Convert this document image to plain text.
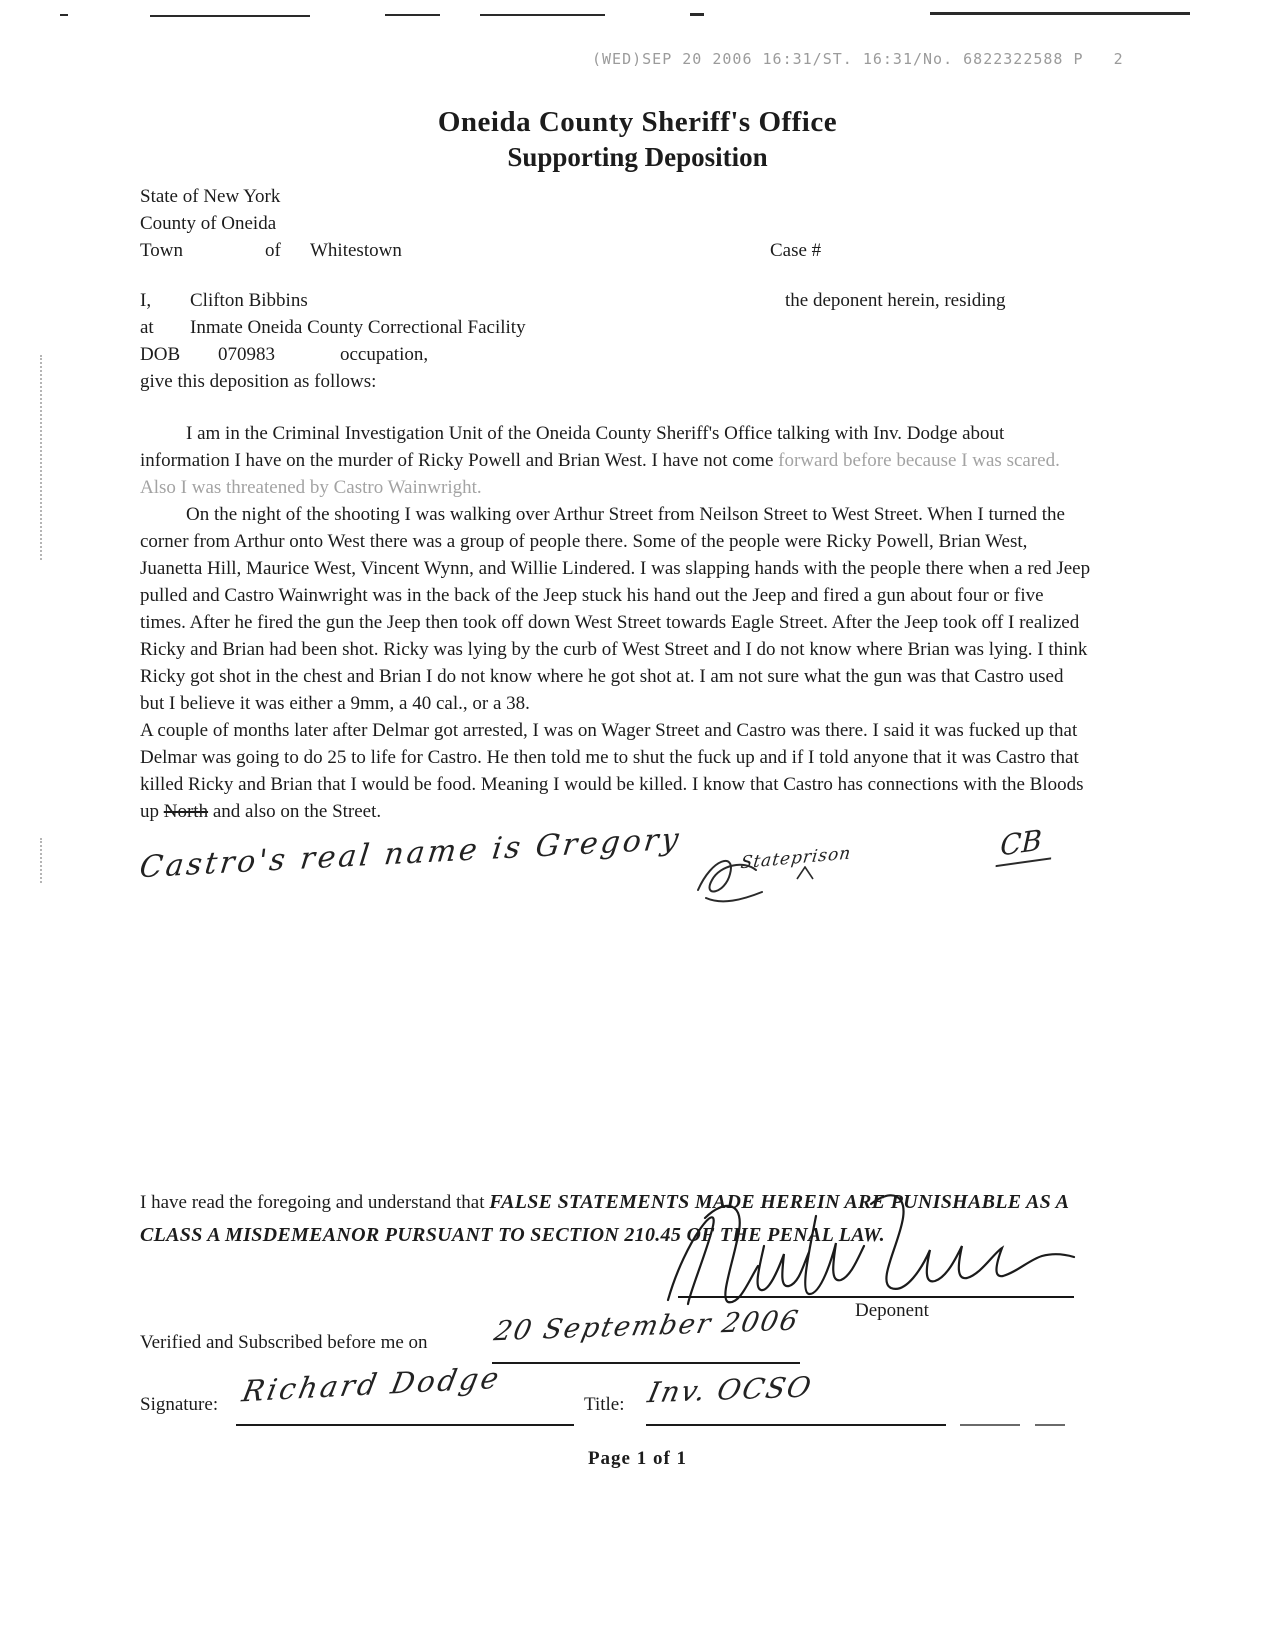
(WED)SEP 20 2006 16:31/ST. 16:31/No. 6822322588 P   2
Oneida County Sheriff's Office
Supporting Deposition
State of New York
County of Oneida
Town	of Whitestown	Case #
I, Clifton Bibbins	the deponent herein, residing
at Inmate Oneida County Correctional Facility
DOB 070983	occupation,
give this deposition as follows:

I am in the Criminal Investigation Unit of the Oneida County Sheriff's Office talking with Inv. Dodge about information I have on the murder of Ricky Powell and Brian West. I have not come forward before because I was scared. Also I was threatened by Castro Wainwright.

On the night of the shooting I was walking over Arthur Street from Neilson Street to West Street. When I turned the corner from Arthur onto West there was a group of people there. Some of the people were Ricky Powell, Brian West, Juanetta Hill, Maurice West, Vincent Wynn, and Willie Lindered. I was slapping hands with the people there when a red Jeep pulled and Castro Wainwright was in the back of the Jeep stuck his hand out the Jeep and fired a gun about four or five times. After he fired the gun the Jeep then took off down West Street towards Eagle Street. After the Jeep took off I realized Ricky and Brian had been shot. Ricky was lying by the curb of West Street and I do not know where Brian was lying. I think Ricky got shot in the chest and Brian I do not know where he got shot at. I am not sure what the gun was that Castro used but I believe it was either a 9mm, a 40 cal., or a 38.

A couple of months later after Delmar got arrested, I was on Wager Street and Castro was there. I said it was fucked up that Delmar was going to do 25 to life for Castro. He then told me to shut the fuck up and if I told anyone that it was Castro that killed Ricky and Brian that I would be food. Meaning I would be killed. I know that Castro has connections with the Bloods up North and also on the Street.

Stateprison	CB
Castro's real name is Gregory
I have read the foregoing and understand that FALSE STATEMENTS MADE HEREIN ARE PUNISHABLE AS A CLASS A MISDEMEANOR PURSUANT TO SECTION 210.45 OF THE PENAL LAW.
Deponent
Verified and Subscribed before me on 20 September 2006
Signature: Richard Dodge	Title: Inv. OCSO
Page 1 of 1
